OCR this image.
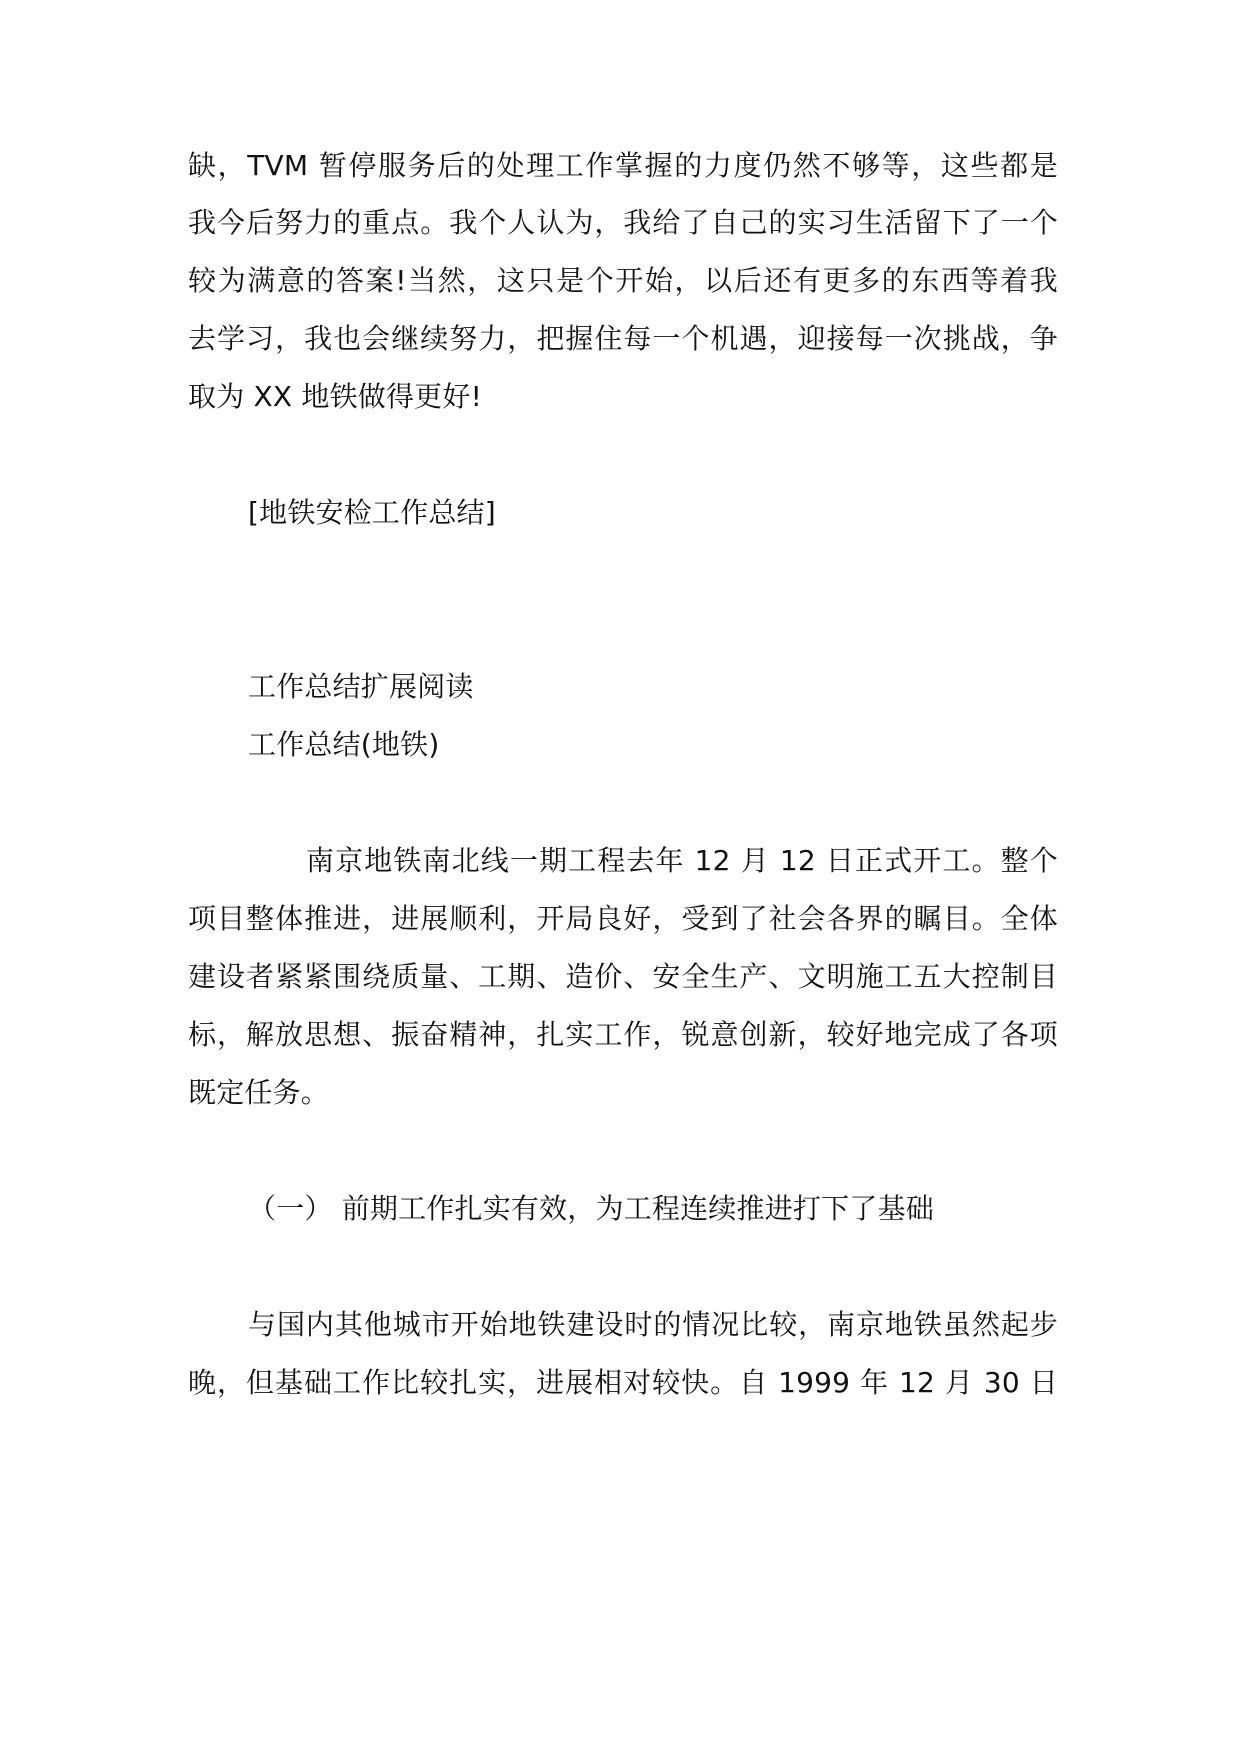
缺，TVM 暂停服务后的处理工作掌握的力度仍然不够等，这些都是
我今后努力的重点。我个人认为，我给了自己的实习生活留下了一个
较为满意的答案!当然，这只是个开始，以后还有更多的东西等着我
去学习，我也会继续努力，把握住每一个机遇，迎接每一次挑战，争
取为 XX 地铁做得更好!
[地铁安检工作总结]
工作总结扩展阅读
工作总结(地铁)
南京地铁南北线一期工程去年 12 月 12 日正式开工。整个
项目整体推进，进展顺利，开局良好，受到了社会各界的瞩目。全体
建设者紧紧围绕质量、工期、造价、安全生产、文明施工五大控制目
标，解放思想、振奋精神，扎实工作，锐意创新，较好地完成了各项
既定任务。
（一） 前期工作扎实有效，为工程连续推进打下了基础
与国内其他城市开始地铁建设时的情况比较，南京地铁虽然起步
晚，但基础工作比较扎实，进展相对较快。自 1999 年 12 月 30 日
